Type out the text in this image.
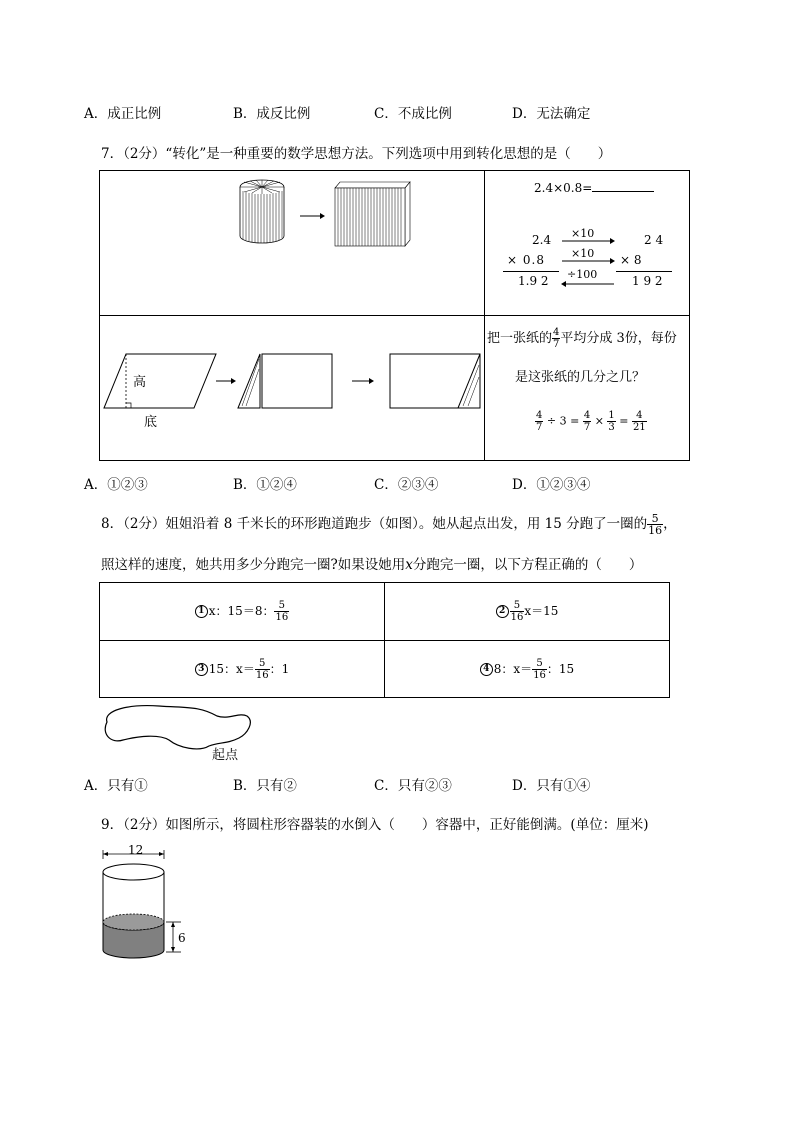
A．成正比例	B．成反比例	C．不成比例	D．无法确定
7．（2分）“转化”是一种重要的数学思想方法。下列选项中用到转化思想的是（　　）

2.4×0.8=
2.4
× 0.8
1.9 2
×10
×10
÷100
2 4
× 8
1 9 2
高
底
把一张纸的 $\frac{4}{7}$ 平均分成 3份，每份
是这张纸的几分之几？
$\frac{4}{7} \div 3 = \frac{4}{7} \times \frac{1}{3} = \frac{4}{21}$
A．①②③	B．①②④	C．②③④	D．①②③④
8．（2分）姐姐沿着 8 千米长的环形跑道跑步（如图）。她从起点出发，用 15 分跑了一圈的 $\frac{5}{16}$ ，
照这样的速度，她共用多少分跑完一圈?如果设她用x分跑完一圈，以下方程正确的（　　）
1 x：15＝8： $\frac{5}{16}$	$2 \frac{5}{16} x=15$
3 15：$x= \frac{5}{16}$ ：1	4 8：$x= \frac{5}{16}$ ：15
起点
A．只有①	B．只有②	C．只有②③	D．只有①④
9．（2分）如图所示，将圆柱形容器装的水倒入（　　）容器中，正好能倒满。(单位：厘米)
12
6
